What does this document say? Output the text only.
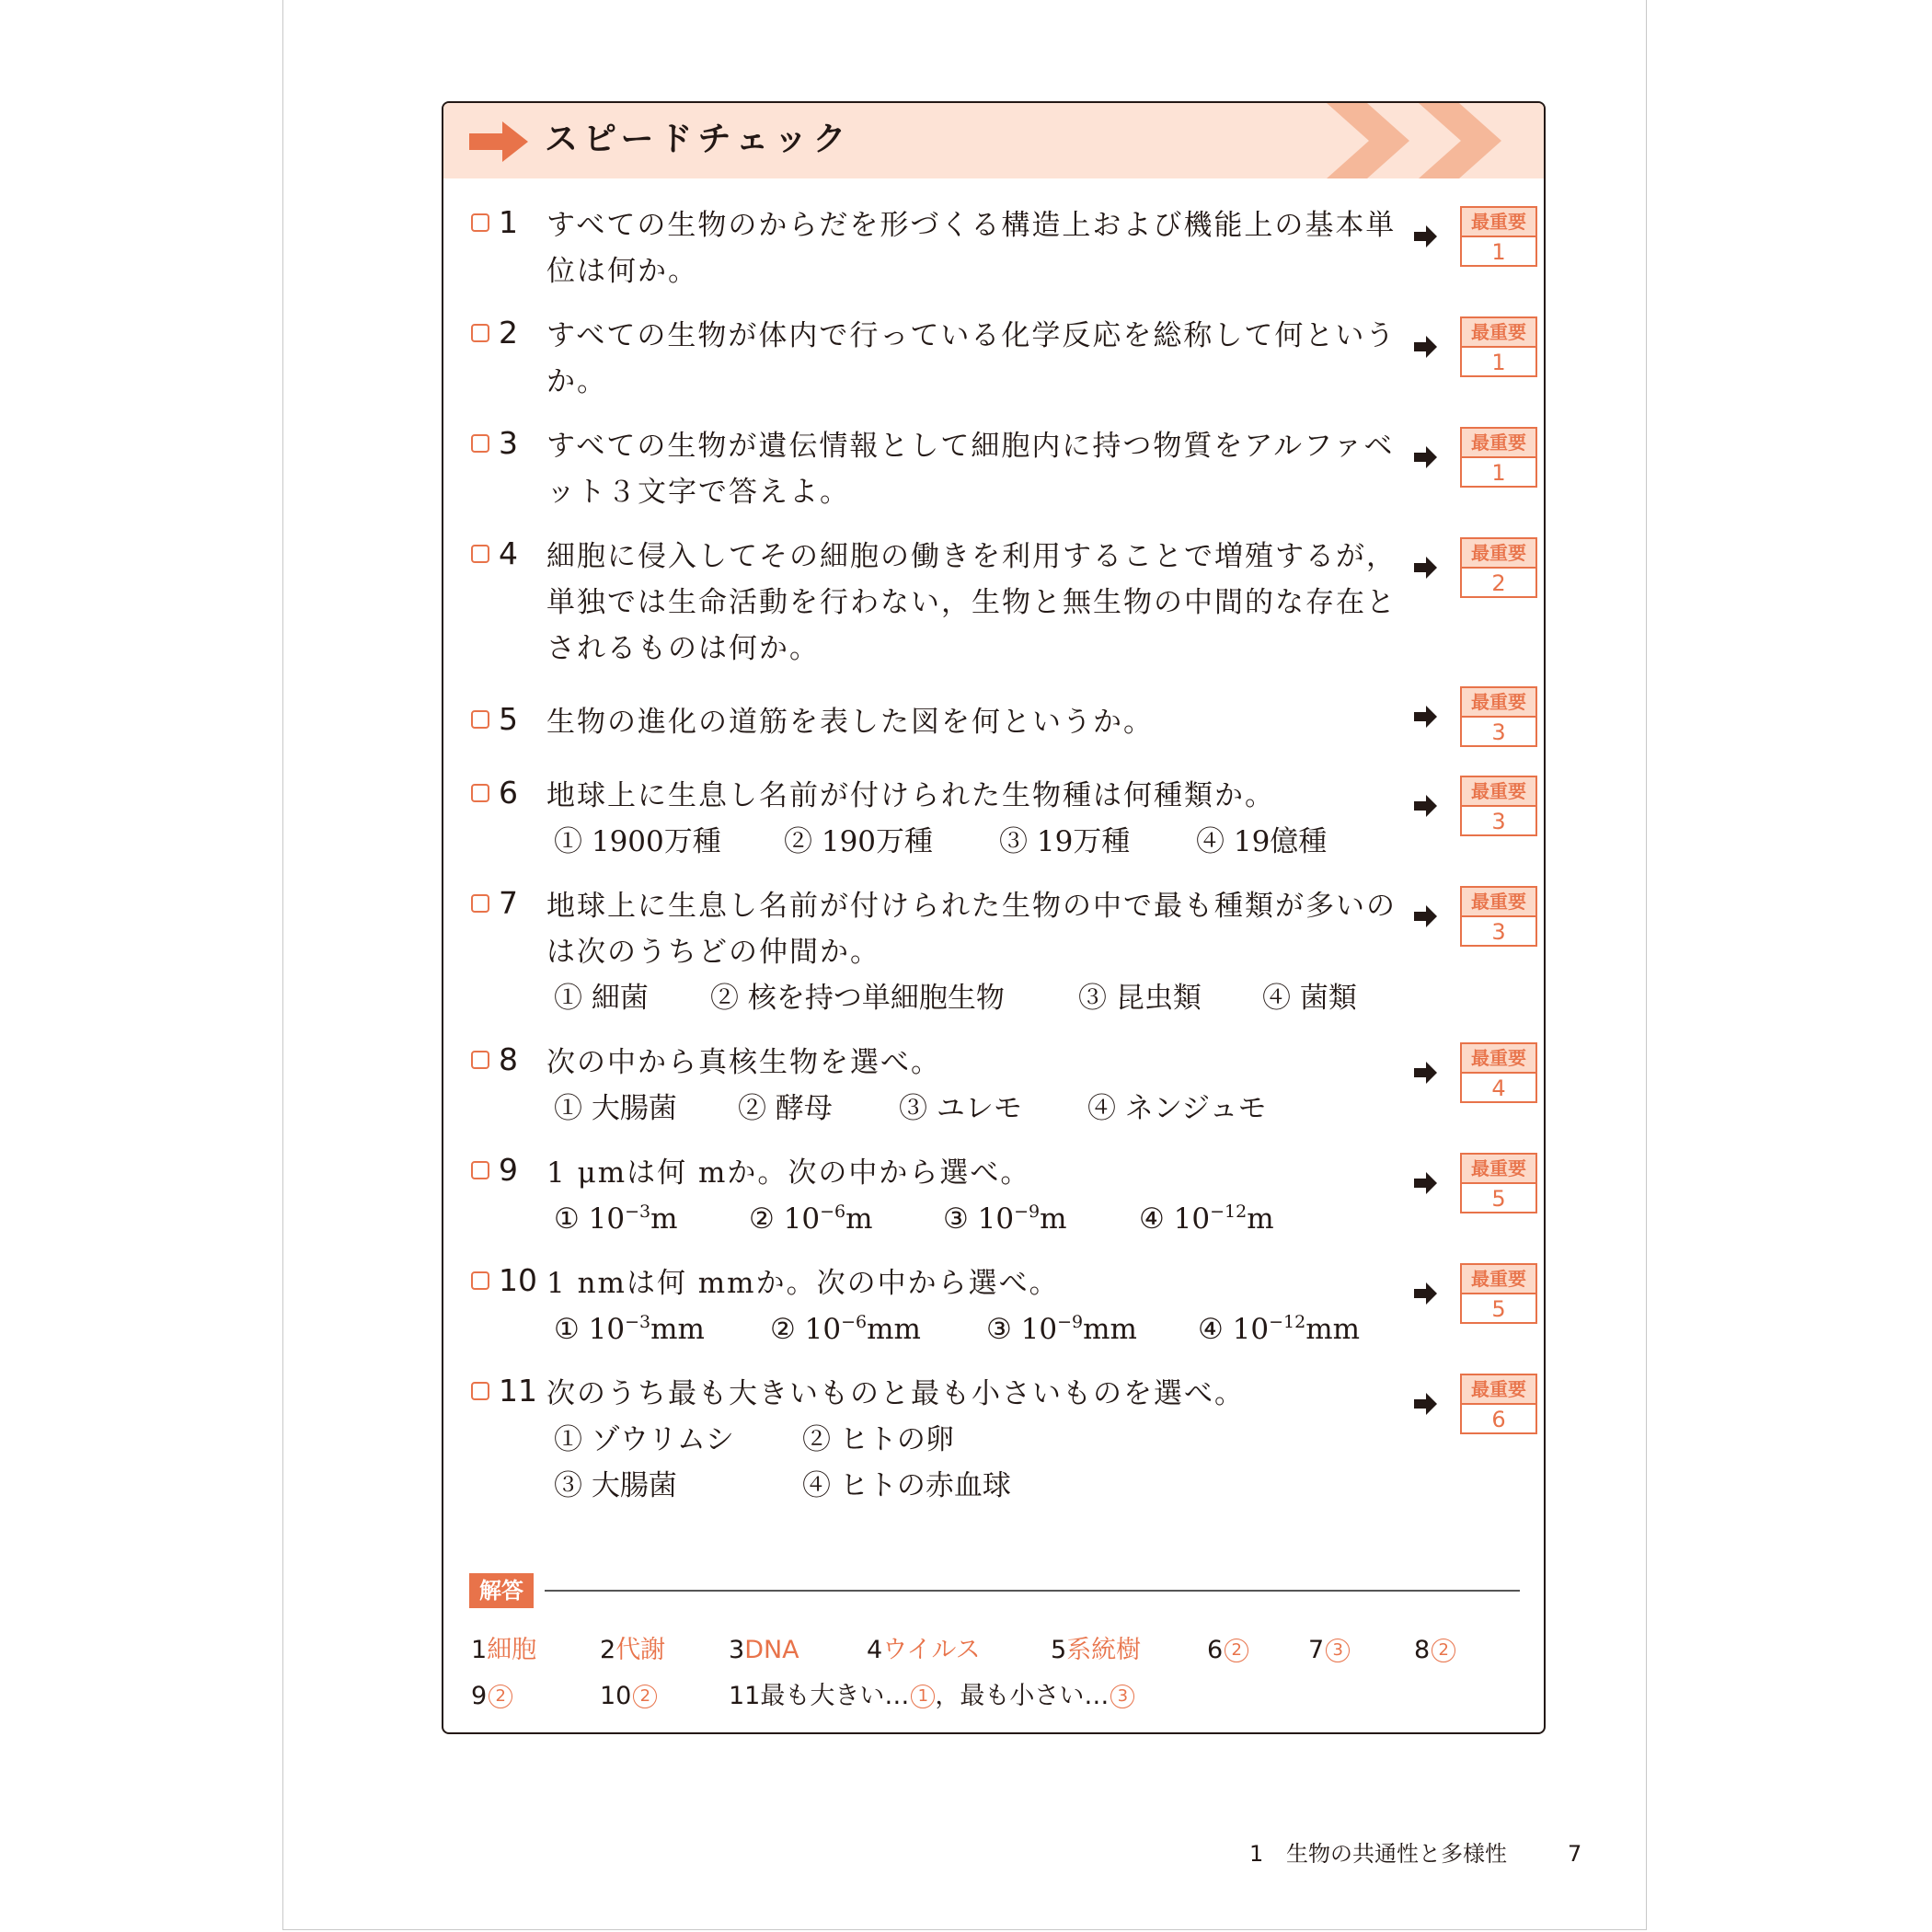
スピードチェック
1	すべての生物のからだを形づくる構造上および機能上の基本単
位は何か。
最重要
1
2	すべての生物が体内で行っている化学反応を総称して何という
か。
最重要
1
3	すべての生物が遺伝情報として細胞内に持つ物質をアルファベ
ット３文字で答えよ。
最重要
1
4	細胞に侵入してその細胞の働きを利用することで増殖するが，
単独では生命活動を行わない，生物と無生物の中間的な存在と
されるものは何か。
最重要
2
5	生物の進化の道筋を表した図を何というか。
最重要
3
6	地球上に生息し名前が付けられた生物種は何種類か。
① 1900万種 ② 190万種 ③ 19万種 ④ 19億種
最重要
3
7	地球上に生息し名前が付けられた生物の中で最も種類が多いの
は次のうちどの仲間か。
① 細菌 ② 核を持つ単細胞生物	③ 昆虫類 ④ 菌類
最重要
3
8	次の中から真核生物を選べ。
① 大腸菌 ② 酵母 ③ ユレモ ④ ネンジュモ
最重要
4
9	1 μmは何 mか。次の中から選べ。
① $10^{-3}m$ ② $10^{-6}m$ ③ $10^{-9}m$	④ $10^{-12}m$
最重要
5
10 1 nmは何 mmか。次の中から選べ。
① $10^{-3}mm$ ② $10^{-6}mm$ ③ $10^{-9}mm$ ④ $10^{-12}mm$
最重要
5
11 次のうち最も大きいものと最も小さいものを選べ。
① ゾウリムシ ② ヒトの卵
③ 大腸菌	④ ヒトの赤血球
最重要
6
解答
1細胞	2代謝	3DNA	4ウイルス	5系統樹	6 2	7 3	8 2
9 2	10 2	11最も大きい… 1 ，最も小さい… 3
1 生物の共通性と多様性	7
